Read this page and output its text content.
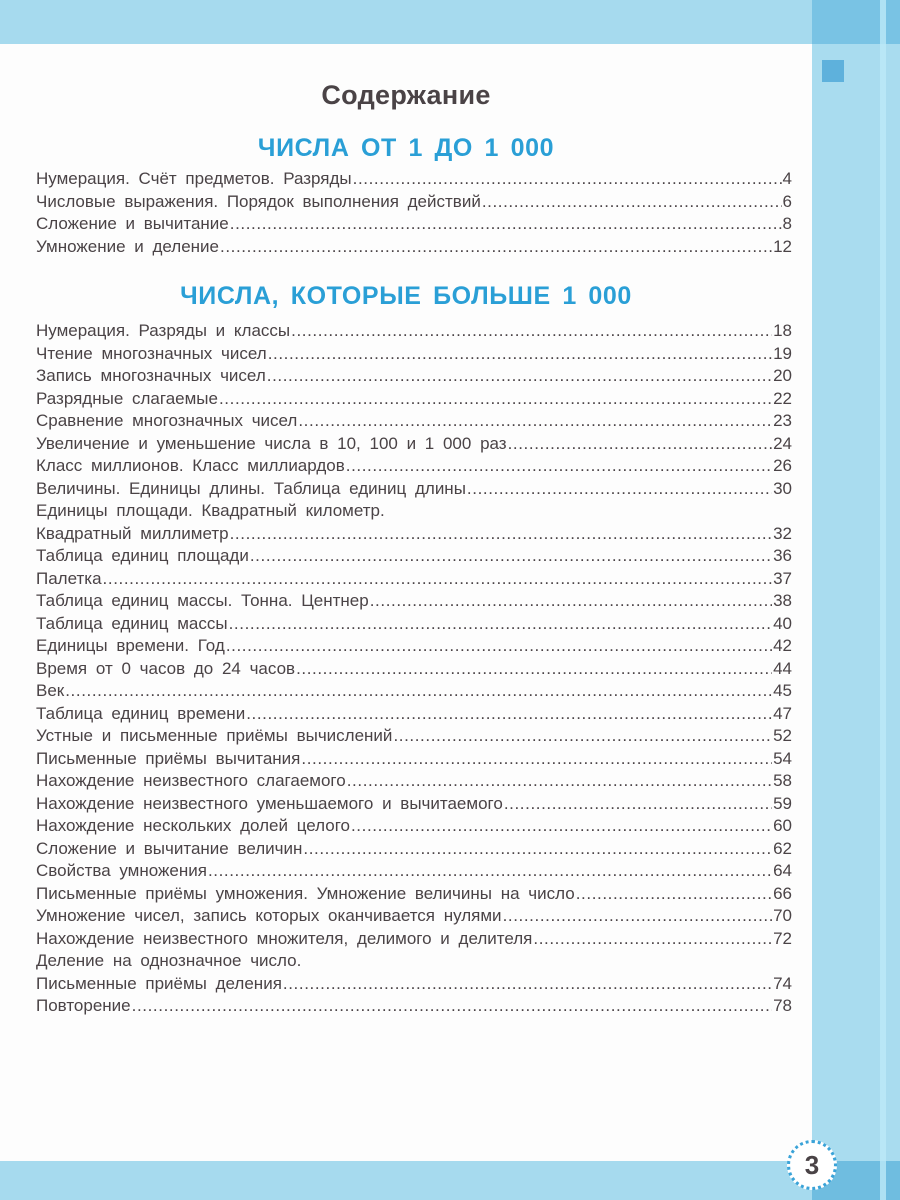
Содержание
ЧИСЛА ОТ 1 ДО 1 000
Нумерация. Счёт предметов. Разряды .....	4
Числовые выражения. Порядок выполнения действий .....	6
Сложение и вычитание .....	8
Умножение и деление .....	12
ЧИСЛА, КОТОРЫЕ БОЛЬШЕ 1 000
Нумерация. Разряды и классы .....	18
Чтение многозначных чисел .....	19
Запись многозначных чисел .....	20
Разрядные слагаемые .....	22
Сравнение многозначных чисел .....	23
Увеличение и уменьшение числа в 10, 100 и 1 000 раз .....	24
Класс миллионов. Класс миллиардов .....	26
Величины. Единицы длины. Таблица единиц длины .....	30
Единицы площади. Квадратный километр.
Квадратный миллиметр .....	32
Таблица единиц площади .....	36
Палетка .....	37
Таблица единиц массы. Тонна. Центнер .....	38
Таблица единиц массы .....	40
Единицы времени. Год .....	42
Время от 0 часов до 24 часов .....	44
Век .....	45
Таблица единиц времени .....	47
Устные и письменные приёмы вычислений .....	52
Письменные приёмы вычитания .....	54
Нахождение неизвестного слагаемого .....	58
Нахождение неизвестного уменьшаемого и вычитаемого .....	59
Нахождение нескольких долей целого .....	60
Сложение и вычитание величин .....	62
Свойства умножения .....	64
Письменные приёмы умножения. Умножение величины на число .....	66
Умножение чисел, запись которых оканчивается нулями .....	70
Нахождение неизвестного множителя, делимого и делителя .....	72
Деление на однозначное число.
Письменные приёмы деления .....	74
Повторение .....	78
3
